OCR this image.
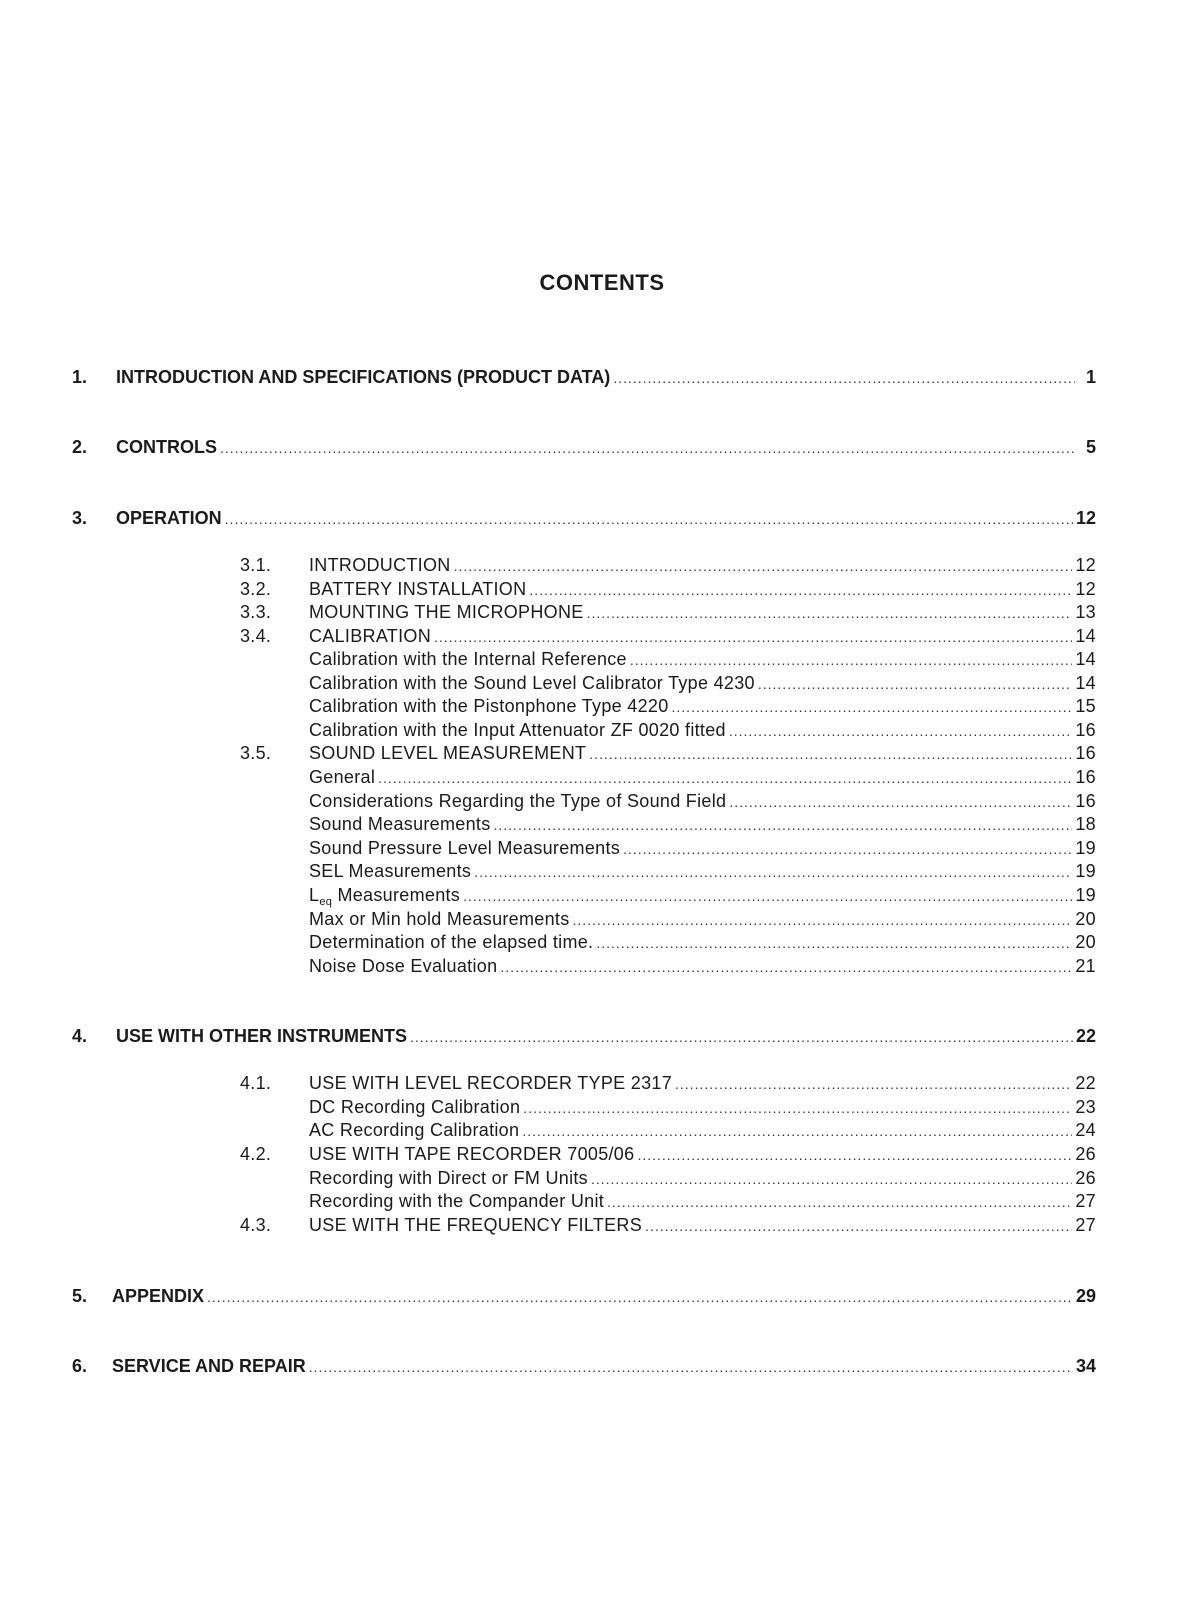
CONTENTS
1.	INTRODUCTION AND SPECIFICATIONS (PRODUCT DATA) .....	1
2.	CONTROLS .....	5
3.	OPERATION .....	12
3.1.	INTRODUCTION .....	12
3.2.	BATTERY INSTALLATION .....	12
3.3.	MOUNTING THE MICROPHONE .....	13
3.4.	CALIBRATION .....	14
Calibration with the Internal Reference .....	14
Calibration with the Sound Level Calibrator Type 4230 .....	14
Calibration with the Pistonphone Type 4220 .....	15
Calibration with the Input Attenuator ZF 0020 fitted .....	16
3.5.	SOUND LEVEL MEASUREMENT .....	16
General .....	16
Considerations Regarding the Type of Sound Field .....	16
Sound Measurements .....	18
Sound Pressure Level Measurements .....	19
SEL Measurements .....	19
$L_{eq}$ Measurements .....	19
Max or Min hold Measurements .....	20
Determination of the elapsed time. .....	20
Noise Dose Evaluation .....	21
4.	USE WITH OTHER INSTRUMENTS .....	22
4.1.	USE WITH LEVEL RECORDER TYPE 2317 .....	22
DC Recording Calibration .....	23
AC Recording Calibration .....	24
4.2.	USE WITH TAPE RECORDER 7005/06 .....	26
Recording with Direct or FM Units .....	26
Recording with the Compander Unit .....	27
4.3.	USE WITH THE FREQUENCY FILTERS .....	27
5.	APPENDIX .....	29
6.	SERVICE AND REPAIR .....	34
